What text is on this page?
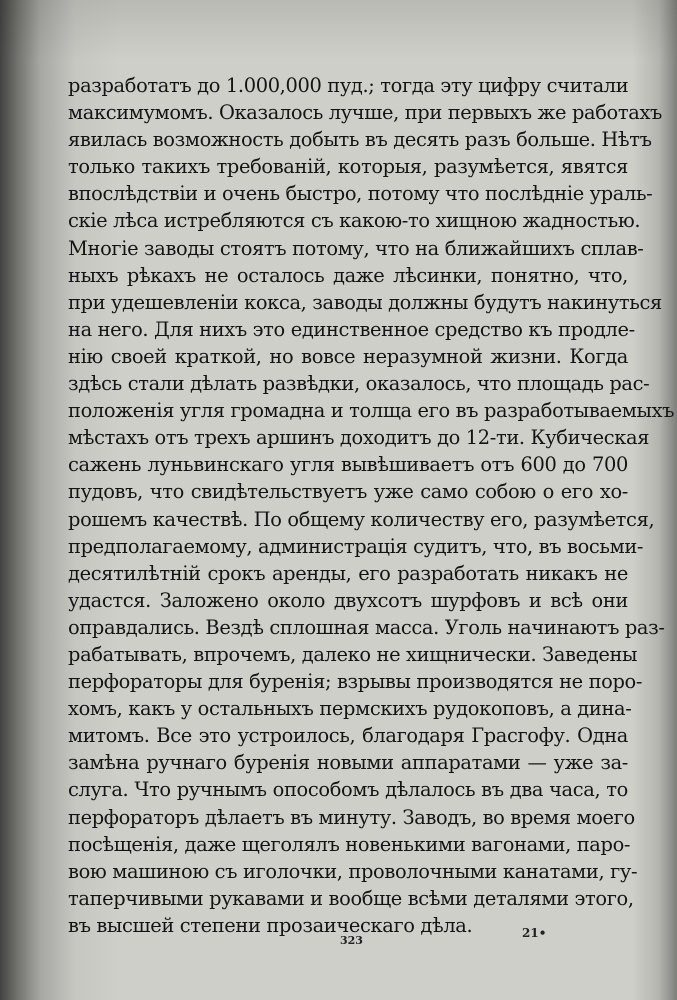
разработатъ до 1.000,000 пуд.; тогда эту цифру считали
максимумомъ. Оказалось лучше, при первыхъ же работахъ
явилась возможность добыть въ десять разъ больше. Нѣтъ
только такихъ требованій, которыя, разумѣется, явятся
впослѣдствіи и очень быстро, потому что послѣдніе ураль-
скіе лѣса истребляются съ какою-то хищною жадностью.
Многіе заводы стоятъ потому, что на ближайшихъ сплав-
ныхъ рѣкахъ не осталось даже лѣсинки, понятно, что,
при удешевленіи кокса, заводы должны будутъ накинуться
на него. Для нихъ это единственное средство къ продле-
нію своей краткой, но вовсе неразумной жизни. Когда
здѣсь стали дѣлать развѣдки, оказалось, что площадь рас-
положенія угля громадна и толща его въ разработываемыхъ
мѣстахъ отъ трехъ аршинъ доходитъ до 12-ти. Кубическая
сажень луньвинскаго угля вывѣшиваетъ отъ 600 до 700
пудовъ, что свидѣтельствуетъ уже само собою о его хо-
рошемъ качествѣ. По общему количеству его, разумѣется,
предполагаемому, администрація судитъ, что, въ восьми-
десятилѣтній срокъ аренды, его разработать никакъ не
удастся. Заложено около двухсотъ шурфовъ и всѣ они
оправдались. Вездѣ сплошная масса. Уголь начинаютъ раз-
рабатывать, впрочемъ, далеко не хищнически. Заведены
перфораторы для буренія; взрывы производятся не поро-
хомъ, какъ у остальныхъ пермскихъ рудокоповъ, а дина-
митомъ. Все это устроилось, благодаря Грасгофу. Одна
замѣна ручнаго буренія новыми аппаратами — уже за-
слуга. Что ручнымъ опособомъ дѣлалось въ два часа, то
перфораторъ дѣлаетъ въ минуту. Заводъ, во время моего
посѣщенія, даже щеголялъ новенькими вагонами, паро-
вою машиною съ иголочки, проволочными канатами, гу-
таперчивыми рукавами и вообще всѣми деталями этого,
въ высшей степени прозаическаго дѣла.
323
21•
